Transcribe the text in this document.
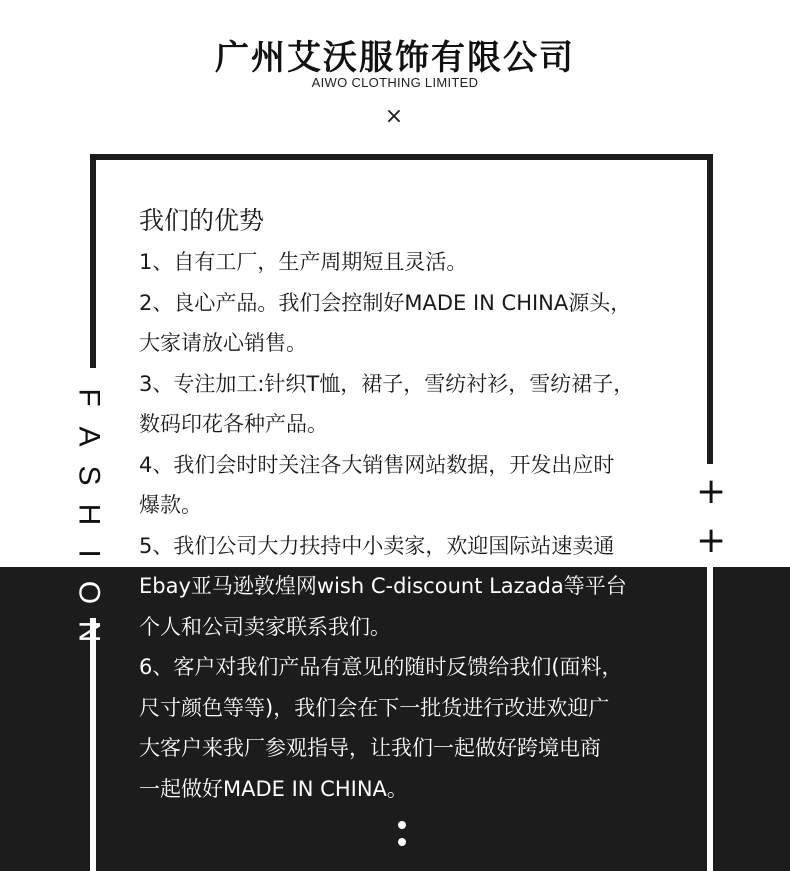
广州艾沃服饰有限公司
AIWO CLOTHING LIMITED
×
F
A
S
H
I
O
N
+
+
我们的优势
1、自有工厂，生产周期短且灵活。
2、良心产品。我们会控制好MADE IN CHINA源头，
大家请放心销售。
3、专注加工:针织T恤，裙子，雪纺衬衫，雪纺裙子，
数码印花各种产品。
4、我们会时时关注各大销售网站数据，开发出应时
爆款。
5、我们公司大力扶持中小卖家，欢迎国际站速卖通
Ebay亚马逊敦煌网wish C-discount Lazada等平台
个人和公司卖家联系我们。
6、客户对我们产品有意见的随时反馈给我们(面料，
尺寸颜色等等)，我们会在下一批货进行改进欢迎广
大客户来我厂参观指导，让我们一起做好跨境电商
一起做好MADE IN CHINA。
